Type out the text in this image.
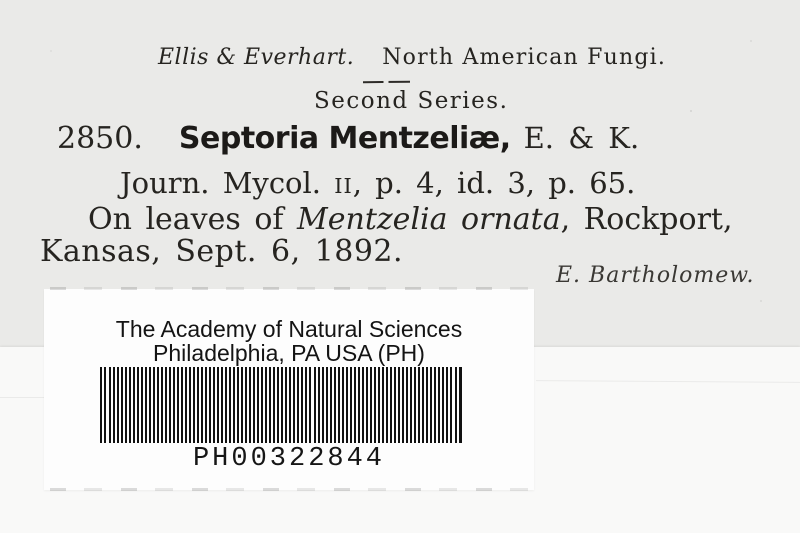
Ellis & Everhart. North American Fungi.
Second Series.
2850. Septoria Mentzeliæ, E. & K.
Journ. Mycol. II, p. 4, id. 3, p. 65.
On leaves of Mentzelia ornata, Rockport,
Kansas, Sept. 6, 1892.
E. Bartholomew.
The Academy of Natural Sciences
Philadelphia, PA USA (PH)
PH00322844
